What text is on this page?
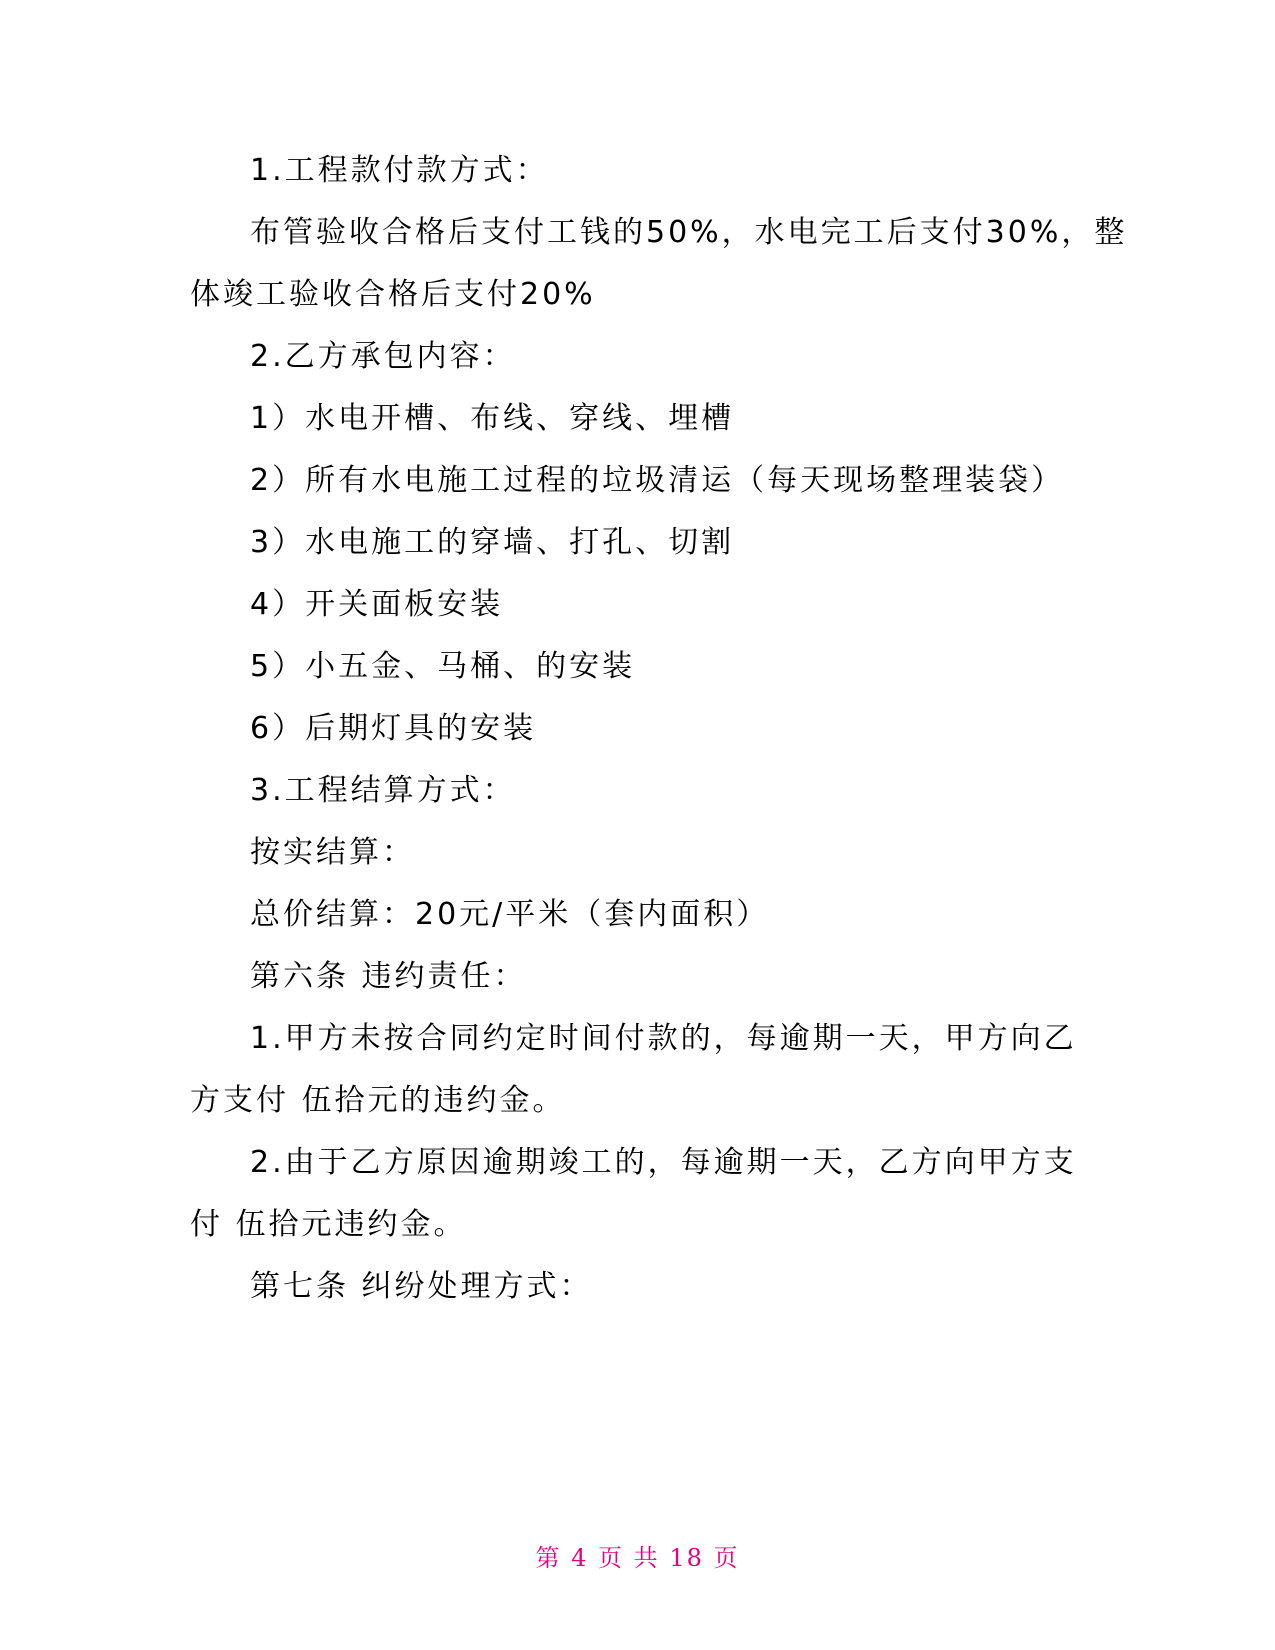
1.工程款付款方式：
布管验收合格后支付工钱的50%，水电完工后支付30%，整
体竣工验收合格后支付20%
2.乙方承包内容：
1）水电开槽、布线、穿线、埋槽
2）所有水电施工过程的垃圾清运（每天现场整理装袋）
3）水电施工的穿墙、打孔、切割
4）开关面板安装
5）小五金、马桶、的安装
6）后期灯具的安装
3.工程结算方式：
按实结算：
总价结算：20元/平米（套内面积）
第六条 违约责任：
1.甲方未按合同约定时间付款的，每逾期一天，甲方向乙
方支付 伍拾元的违约金。
2.由于乙方原因逾期竣工的，每逾期一天，乙方向甲方支
付 伍拾元违约金。
第七条 纠纷处理方式：
第 4 页 共 18 页
